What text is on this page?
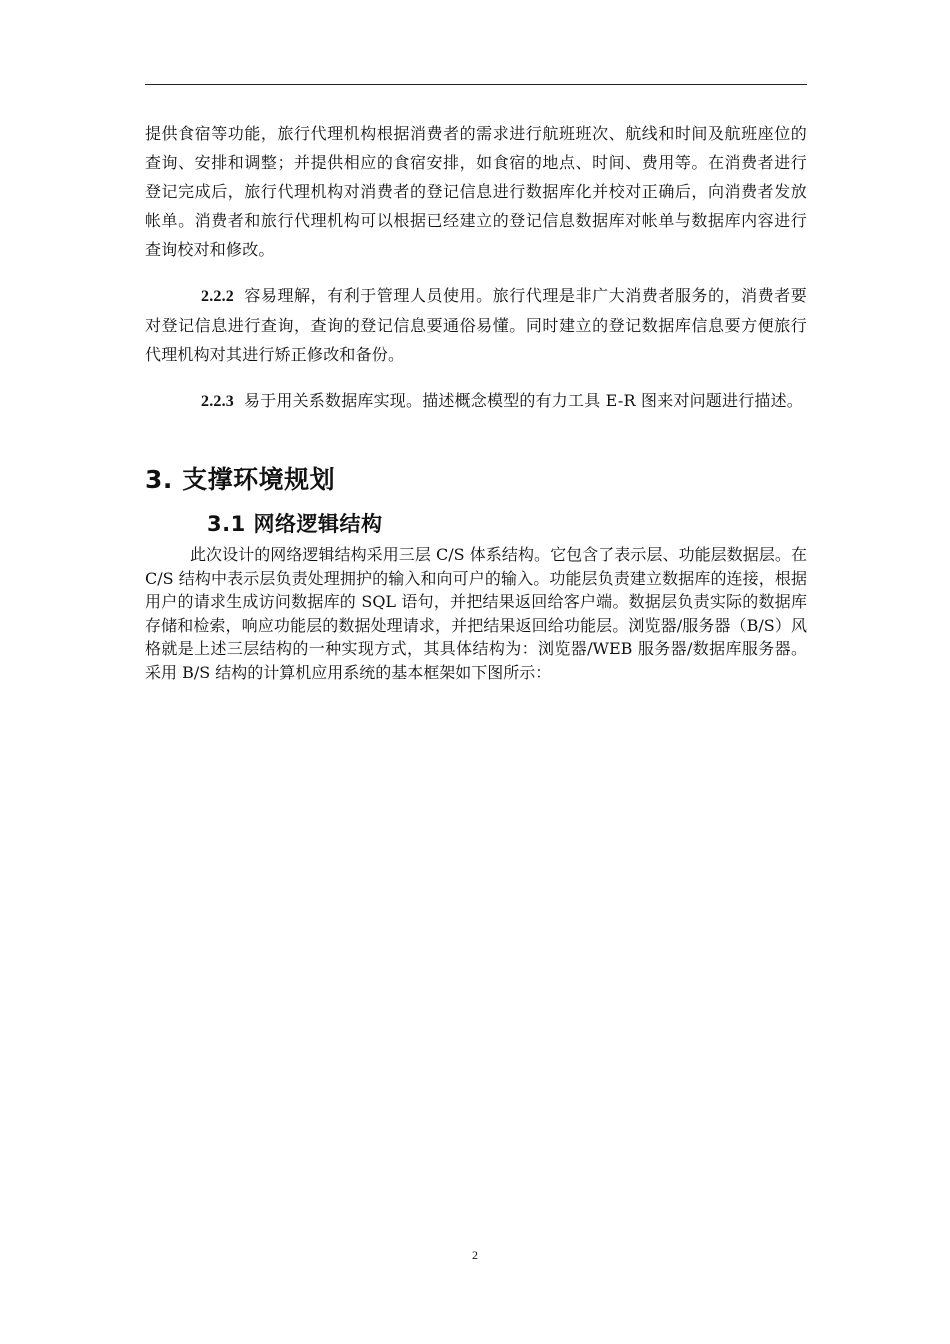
提供食宿等功能，旅行代理机构根据消费者的需求进行航班班次、航线和时间及航班座位的查询、安排和调整；并提供相应的食宿安排，如食宿的地点、时间、费用等。在消费者进行登记完成后，旅行代理机构对消费者的登记信息进行数据库化并校对正确后，向消费者发放帐单。消费者和旅行代理机构可以根据已经建立的登记信息数据库对帐单与数据库内容进行查询校对和修改。

2.2.2 容易理解，有利于管理人员使用。旅行代理是非广大消费者服务的，消费者要对登记信息进行查询，查询的登记信息要通俗易懂。同时建立的登记数据库信息要方便旅行代理机构对其进行矫正修改和备份。

2.2.3 易于用关系数据库实现。描述概念模型的有力工具 E-R 图来对问题进行描述。

3. 支撑环境规划
3.1 网络逻辑结构

此次设计的网络逻辑结构采用三层 C/S 体系结构。它包含了表示层、功能层数据层。在 C/S 结构中表示层负责处理拥护的输入和向可户的输入。功能层负责建立数据库的连接，根据用户的请求生成访问数据库的 SQL 语句，并把结果返回给客户端。数据层负责实际的数据库存储和检索，响应功能层的数据处理请求，并把结果返回给功能层。浏览器/服务器（B/S）风格就是上述三层结构的一种实现方式，其具体结构为：浏览器/WEB 服务器/数据库服务器。采用 B/S 结构的计算机应用系统的基本框架如下图所示：

2
